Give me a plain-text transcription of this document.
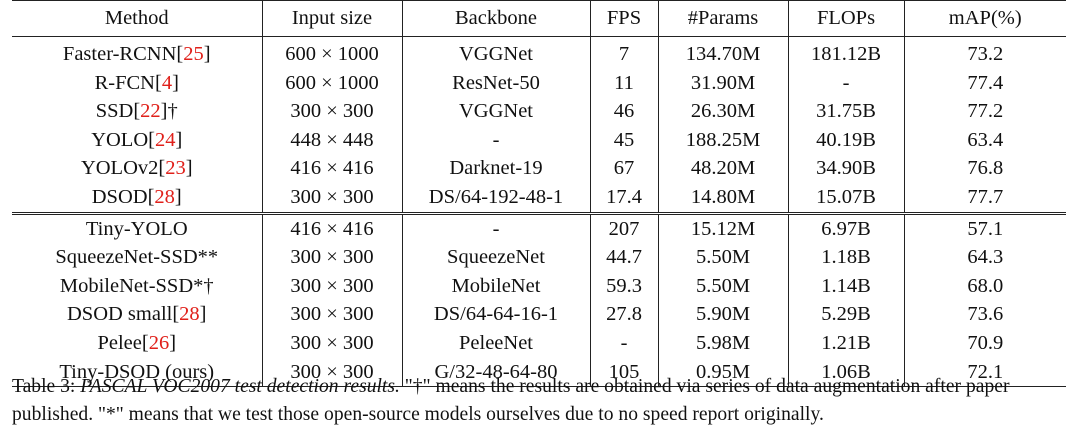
Method	Input size	Backbone	FPS	#Params	FLOPs	mAP(%)
Faster-RCNN[25]	600 × 1000	VGGNet	7	134.70M	181.12B	73.2
R-FCN[4]	600 × 1000	ResNet-50	11	31.90M	-	77.4
SSD[22]†	300 × 300	VGGNet	46	26.30M	31.75B	77.2
YOLO[24]	448 × 448	-	45	188.25M	40.19B	63.4
YOLOv2[23]	416 × 416	Darknet-19	67	48.20M	34.90B	76.8
DSOD[28]	300 × 300	DS/64-192-48-1	17.4	14.80M	15.07B	77.7
Tiny-YOLO	416 × 416	-	207	15.12M	6.97B	57.1
SqueezeNet-SSD**	300 × 300	SqueezeNet	44.7	5.50M	1.18B	64.3
MobileNet-SSD*†	300 × 300	MobileNet	59.3	5.50M	1.14B	68.0
DSOD small[28]	300 × 300	DS/64-64-16-1	27.8	5.90M	5.29B	73.6
Pelee[26]	300 × 300	PeleeNet	-	5.98M	1.21B	70.9
Tiny-DSOD (ours)	300 × 300	G/32-48-64-80	105	0.95M	1.06B	72.1
Table 3: PASCAL VOC2007 test detection results. "†" means the results are obtained via series of data augmentation after paper published. "*" means that we test those open-source models ourselves due to no speed report originally.
